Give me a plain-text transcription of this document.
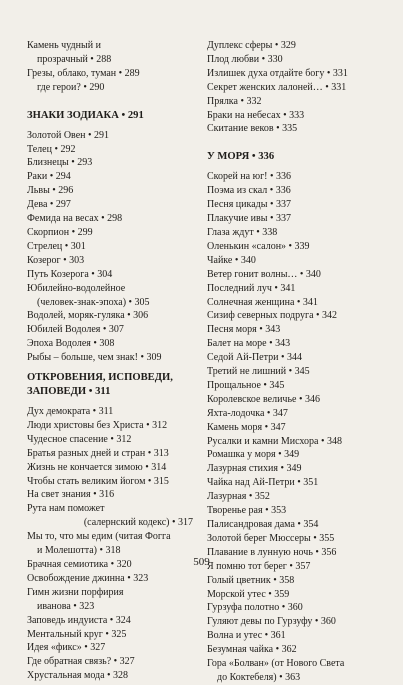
Камень чудный и
прозрачный • 288
Грезы, облако, туман • 289
где герои? • 290
ЗНАКИ ЗОДИАКА • 291
Золотой Овен • 291
Телец • 292
Близнецы • 293
Раки • 294
Львы • 296
Дева • 297
Фемида на весах • 298
Скорпион • 299
Стрелец • 301
Козерог • 303
Путь Козерога • 304
Юбилейно-водолейное
(человек-знак-эпоха) • 305
Водолей, моряк-гуляка • 306
Юбилей Водолея • 307
Эпоха Водолея • 308
Рыбы – больше, чем знак! • 309
ОТКРОВЕНИЯ, ИСПОВЕДИ,
ЗАПОВЕДИ • 311
Дух демократа • 311
Люди христовы без Христа • 312
Чудесное спасение • 312
Братья разных дней и стран • 313
Жизнь не кончается зимою • 314
Чтобы стать великим йогом • 315
На свет знания • 316
Рута нам поможет
(салернский кодекс) • 317
Мы то, что мы едим (читая Фогга
и Молешотта) • 318
Брачная семиотика • 320
Освобождение джинна • 323
Гимн жизни порфирия
иванова • 323
Заповедь индуиста • 324
Ментальный круг • 325
Идея «фикс» • 327
Где обратная связь? • 327
Хрустальная мода • 328
Дуплекс сферы • 329
Плод любви • 330
Излишек духа отдайте богу • 331
Секрет женских лалоней… • 331
Прялка • 332
Браки на небесах • 333
Скитание веков • 335
У МОРЯ • 336
Скорей на юг! • 336
Поэма из скал • 336
Песня цикады • 337
Плакучие ивы • 337
Глаза ждут • 338
Оленькин «салон» • 339
Чайке • 340
Ветер гонит волны… • 340
Последний луч • 341
Солнечная женщина • 341
Сизиф северных подруга • 342
Песня моря • 343
Балет на море • 343
Седой Ай-Петри • 344
Третий не лишний • 345
Прощальное • 345
Королевское величье • 346
Яхта-лодочка • 347
Камень моря • 347
Русалки и камни Мисхора • 348
Ромашка у моря • 349
Лазурная стихия • 349
Чайка над Ай-Петри • 351
Лазурная • 352
Творенье рая • 353
Палисандровая дама • 354
Золотой берег Мюссеры • 355
Плавание в лунную ночь • 356
Я помню тот берег • 357
Голый цветник • 358
Морской утес • 359
Гурзуфа полотно • 360
Гуляют девы по Гурзуфу • 360
Волна и утес • 361
Безумная чайка • 362
Гора «Болван» (от Нового Света
до Коктебеля) • 363
509
